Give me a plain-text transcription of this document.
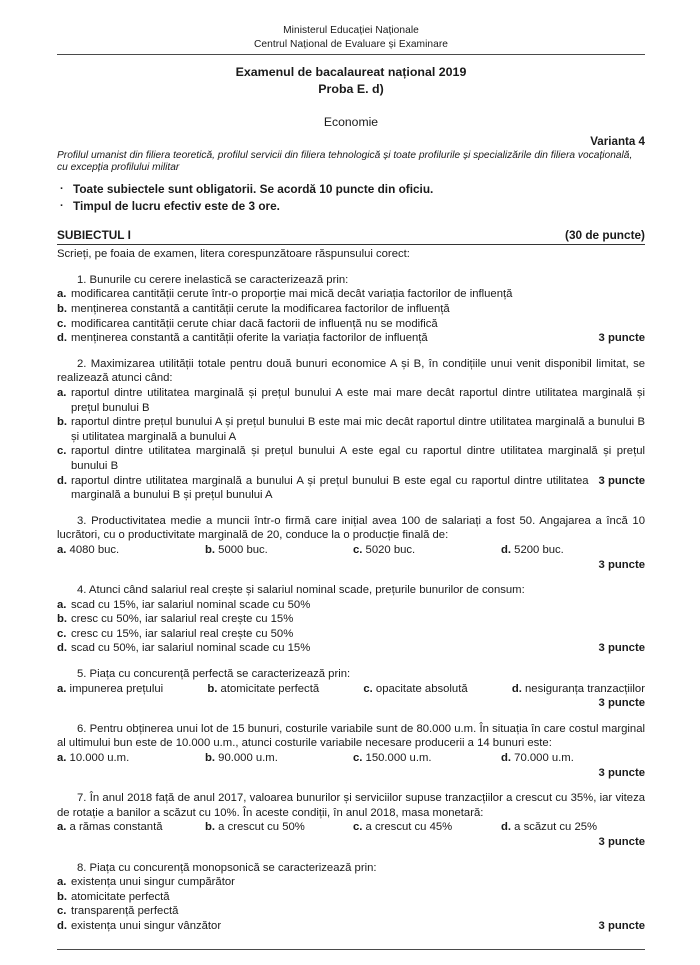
Ministerul Educației Naționale
Centrul Național de Evaluare și Examinare
Examenul de bacalaureat național 2019
Proba E. d)
Economie
Varianta 4
Profilul umanist din filiera teoretică, profilul servicii din filiera tehnologică și toate profilurile și specializările din filiera vocațională, cu excepția profilului militar
· Toate subiectele sunt obligatorii. Se acordă 10 puncte din oficiu.
· Timpul de lucru efectiv este de 3 ore.
SUBIECTUL I	(30 de puncte)
Scrieți, pe foaia de examen, litera corespunzătoare răspunsului corect:
1. Bunurile cu cerere inelastică se caracterizează prin:
a. modificarea cantității cerute într-o proporție mai mică decât variația factorilor de influență
b. menținerea constantă a cantității cerute la modificarea factorilor de influență
c. modificarea cantității cerute chiar dacă factorii de influență nu se modifică
d. menținerea constantă a cantității oferite la variația factorilor de influență	3 puncte
2. Maximizarea utilității totale pentru două bunuri economice A și B, în condițiile unui venit disponibil limitat, se realizează atunci când:
a. raportul dintre utilitatea marginală și prețul bunului A este mai mare decât raportul dintre utilitatea marginală și prețul bunului B
b. raportul dintre prețul bunului A și prețul bunului B este mai mic decât raportul dintre utilitatea marginală a bunului B și utilitatea marginală a bunului A
c. raportul dintre utilitatea marginală și prețul bunului A este egal cu raportul dintre utilitatea marginală și prețul bunului B
d. raportul dintre utilitatea marginală a bunului A și prețul bunului B este egal cu raportul dintre utilitatea marginală a bunului B și prețul bunului A
3 puncte
3. Productivitatea medie a muncii într-o firmă care inițial avea 100 de salariați a fost 50. Angajarea a încă 10 lucrători, cu o productivitate marginală de 20, conduce la o producție finală de:
a. 4080 buc.	b. 5000 buc.	c. 5020 buc.	d. 5200 buc.
3 puncte
4. Atunci când salariul real crește și salariul nominal scade, prețurile bunurilor de consum:
a. scad cu 15%, iar salariul nominal scade cu 50%
b. cresc cu 50%, iar salariul real crește cu 15%
c. cresc cu 15%, iar salariul real crește cu 50%
d. scad cu 50%, iar salariul nominal scade cu 15%	3 puncte
5. Piața cu concurență perfectă se caracterizează prin:
a. impunerea prețului	b. atomicitate perfectă	c. opacitate absolută	d. nesiguranța tranzacțiilor
3 puncte
6. Pentru obținerea unui lot de 15 bunuri, costurile variabile sunt de 80.000 u.m. În situația în care costul marginal al ultimului bun este de 10.000 u.m., atunci costurile variabile necesare producerii a 14 bunuri este:
a. 10.000 u.m.	b. 90.000 u.m.	c. 150.000 u.m.	d. 70.000 u.m.
3 puncte
7. În anul 2018 față de anul 2017, valoarea bunurilor și serviciilor supuse tranzacțiilor a crescut cu 35%, iar viteza de rotație a banilor a scăzut cu 10%. În aceste condiții, în anul 2018, masa monetară:
a. a rămas constantă	b. a crescut cu 50%	c. a crescut cu 45%	d. a scăzut cu 25%
3 puncte
8. Piața cu concurență monopsonică se caracterizează prin:
a. existența unui singur cumpărător
b. atomicitate perfectă
c. transparență perfectă
d. existența unui singur vânzător	3 puncte
